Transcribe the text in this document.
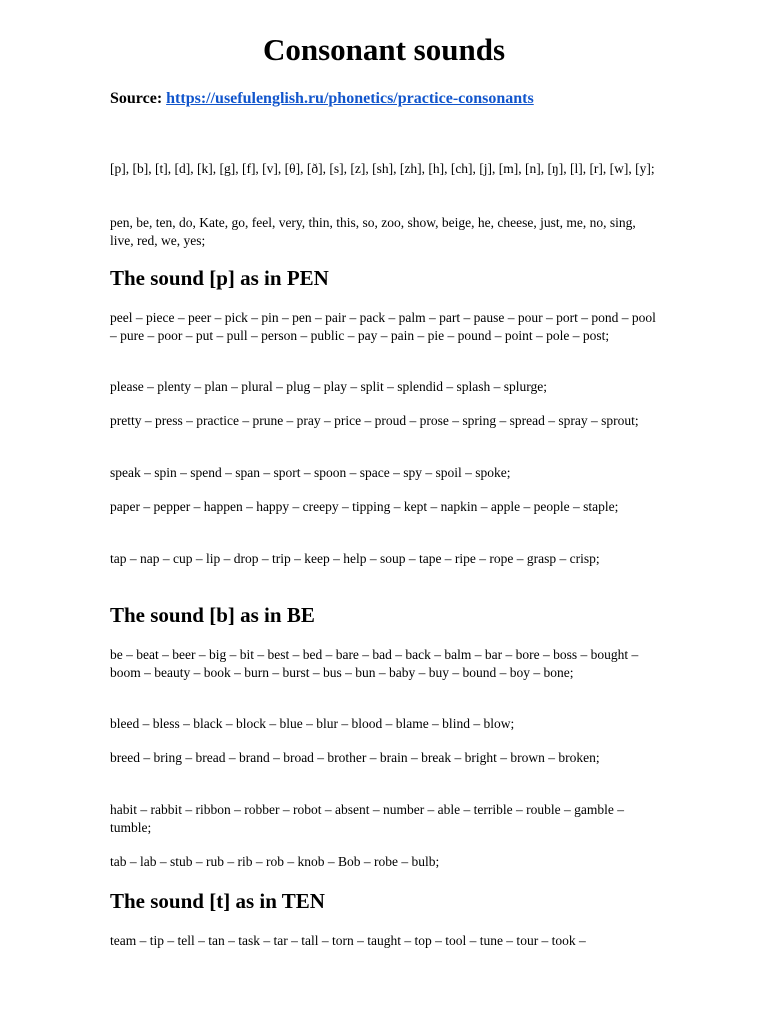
Consonant sounds
Source: https://usefulenglish.ru/phonetics/practice-consonants

[p], [b], [t], [d], [k], [g], [f], [v], [θ], [ð], [s], [z], [sh], [zh], [h], [ch], [j], [m], [n], [ŋ], [l], [r], [w], [y];

pen, be, ten, do, Kate, go, feel, very, thin, this, so, zoo, show, beige, he, cheese, just, me, no, sing, live, red, we, yes;

The sound [p] as in PEN

peel – piece – peer – pick – pin – pen – pair – pack – palm – part – pause – pour – port – pond – pool – pure – poor – put – pull – person – public – pay – pain – pie – pound – point – pole – post;

please – plenty – plan – plural – plug – play – split – splendid – splash – splurge;

pretty – press – practice – prune – pray – price – proud – prose – spring – spread – spray – sprout;

speak – spin – spend – span – sport – spoon – space – spy – spoil – spoke;

paper – pepper – happen – happy – creepy – tipping – kept – napkin – apple – people – staple;

tap – nap – cup – lip – drop – trip – keep – help – soup – tape – ripe – rope – grasp – crisp;

The sound [b] as in BE

be – beat – beer – big – bit – best – bed – bare – bad – back – balm – bar – bore – boss – bought – boom – beauty – book – burn – burst – bus – bun – baby – buy – bound – boy – bone;

bleed – bless – black – block – blue – blur – blood – blame – blind – blow;

breed – bring – bread – brand – broad – brother – brain – break – bright – brown – broken;

habit – rabbit – ribbon – robber – robot – absent – number – able – terrible – rouble – gamble – tumble;

tab – lab – stub – rub – rib – rob – knob – Bob – robe – bulb;

The sound [t] as in TEN

team – tip – tell – tan – task – tar – tall – torn – taught – top – tool – tune – tour – took –
